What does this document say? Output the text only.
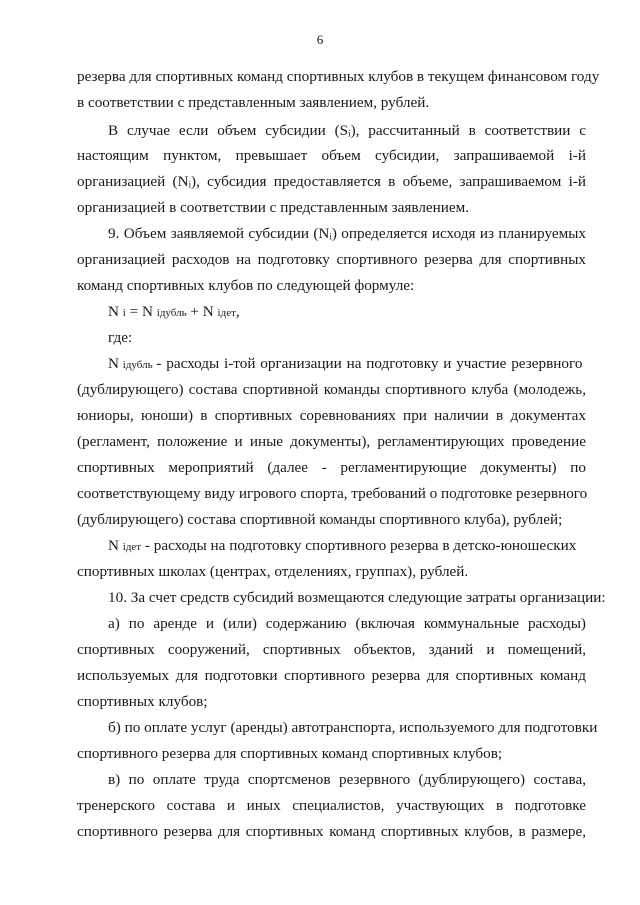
6
резерва для спортивных команд спортивных клубов в текущем финансовом году
в соответствии с представленным заявлением, рублей.
В случае если объем субсидии (Sᵢ), рассчитанный в соответствии с
настоящим пунктом, превышает объем субсидии, запрашиваемой i-й
организацией (Nᵢ), субсидия предоставляется в объеме, запрашиваемом i-й
организацией в соответствии с представленным заявлением.
9. Объем заявляемой субсидии (Nᵢ) определяется исходя из планируемых
организацией расходов на подготовку спортивного резерва для спортивных
команд спортивных клубов по следующей формуле:
N i = N iдубль + N iдет,
где:
N iдубль - расходы i-той организации на подготовку и участие резервного
(дублирующего) состава спортивной команды спортивного клуба (молодежь,
юниоры, юноши) в спортивных соревнованиях при наличии в документах
(регламент, положение и иные документы), регламентирующих проведение
спортивных мероприятий (далее - регламентирующие документы) по
соответствующему виду игрового спорта, требований о подготовке резервного
(дублирующего) состава спортивной команды спортивного клуба), рублей;
N iдет - расходы на подготовку спортивного резерва в детско-юношеских
спортивных школах (центрах, отделениях, группах), рублей.
10. За счет средств субсидий возмещаются следующие затраты организации:
а) по аренде и (или) содержанию (включая коммунальные расходы)
спортивных сооружений, спортивных объектов, зданий и помещений,
используемых для подготовки спортивного резерва для спортивных команд
спортивных клубов;
б) по оплате услуг (аренды) автотранспорта, используемого для подготовки
спортивного резерва для спортивных команд спортивных клубов;
в) по оплате труда спортсменов резервного (дублирующего) состава,
тренерского состава и иных специалистов, участвующих в подготовке
спортивного резерва для спортивных команд спортивных клубов, в размере,
